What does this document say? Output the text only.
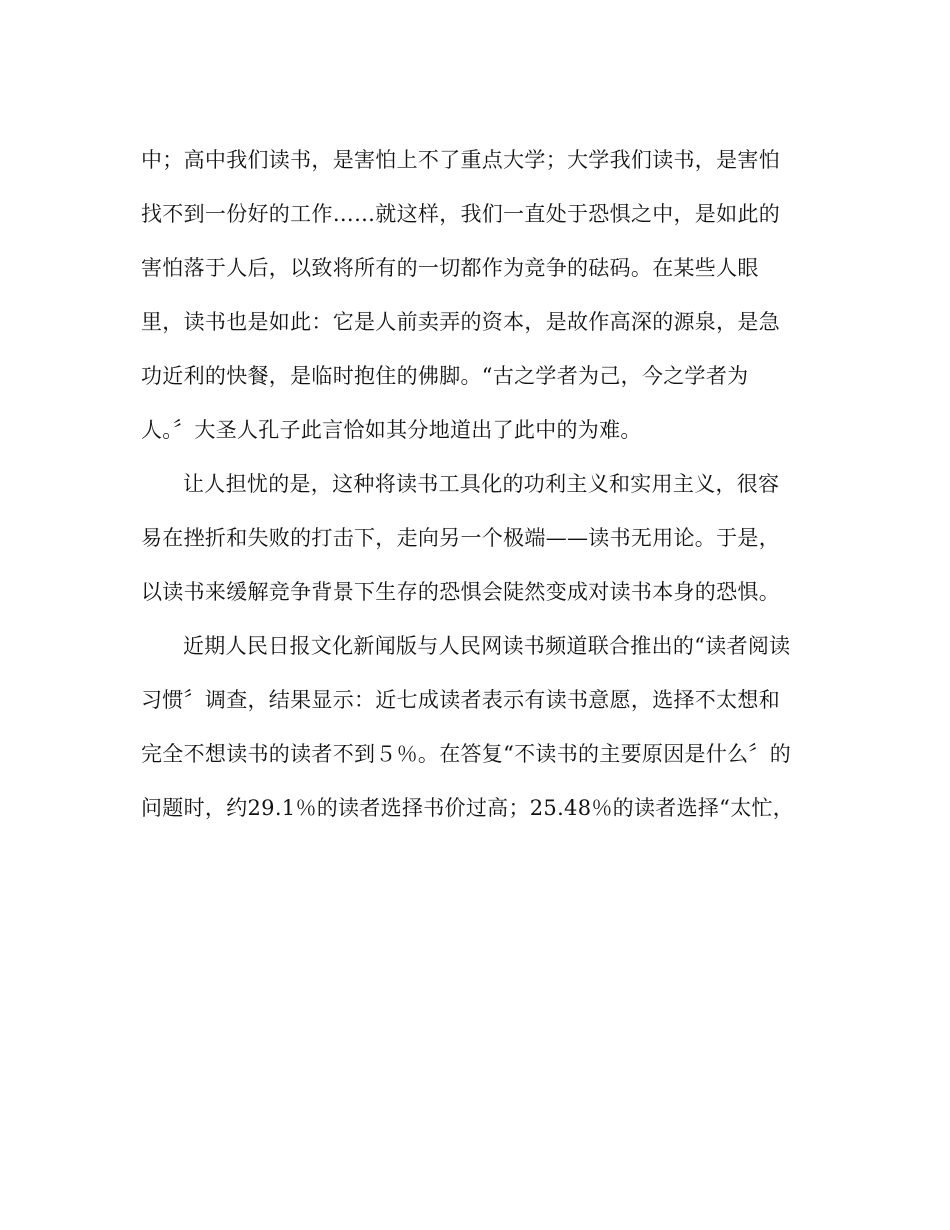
中；高中我们读书，是害怕上不了重点大学；大学我们读书，是害怕
找不到一份好的工作……就这样，我们一直处于恐惧之中，是如此的
害怕落于人后，以致将所有的一切都作为竞争的砝码。在某些人眼
里，读书也是如此：它是人前卖弄的资本，是故作高深的源泉，是急
功近利的快餐，是临时抱住的佛脚。“古之学者为己，今之学者为
人。〞大圣人孔子此言恰如其分地道出了此中的为难。
让人担忧的是，这种将读书工具化的功利主义和实用主义，很容
易在挫折和失败的打击下，走向另一个极端——读书无用论。于是，
以读书来缓解竞争背景下生存的恐惧会陡然变成对读书本身的恐惧。
近期人民日报文化新闻版与人民网读书频道联合推出的“读者阅读
习惯〞调查，结果显示：近七成读者表示有读书意愿，选择不太想和
完全不想读书的读者不到５％。在答复“不读书的主要原因是什么〞的
问题时，约29.1％的读者选择书价过高；25.48％的读者选择“太忙，
